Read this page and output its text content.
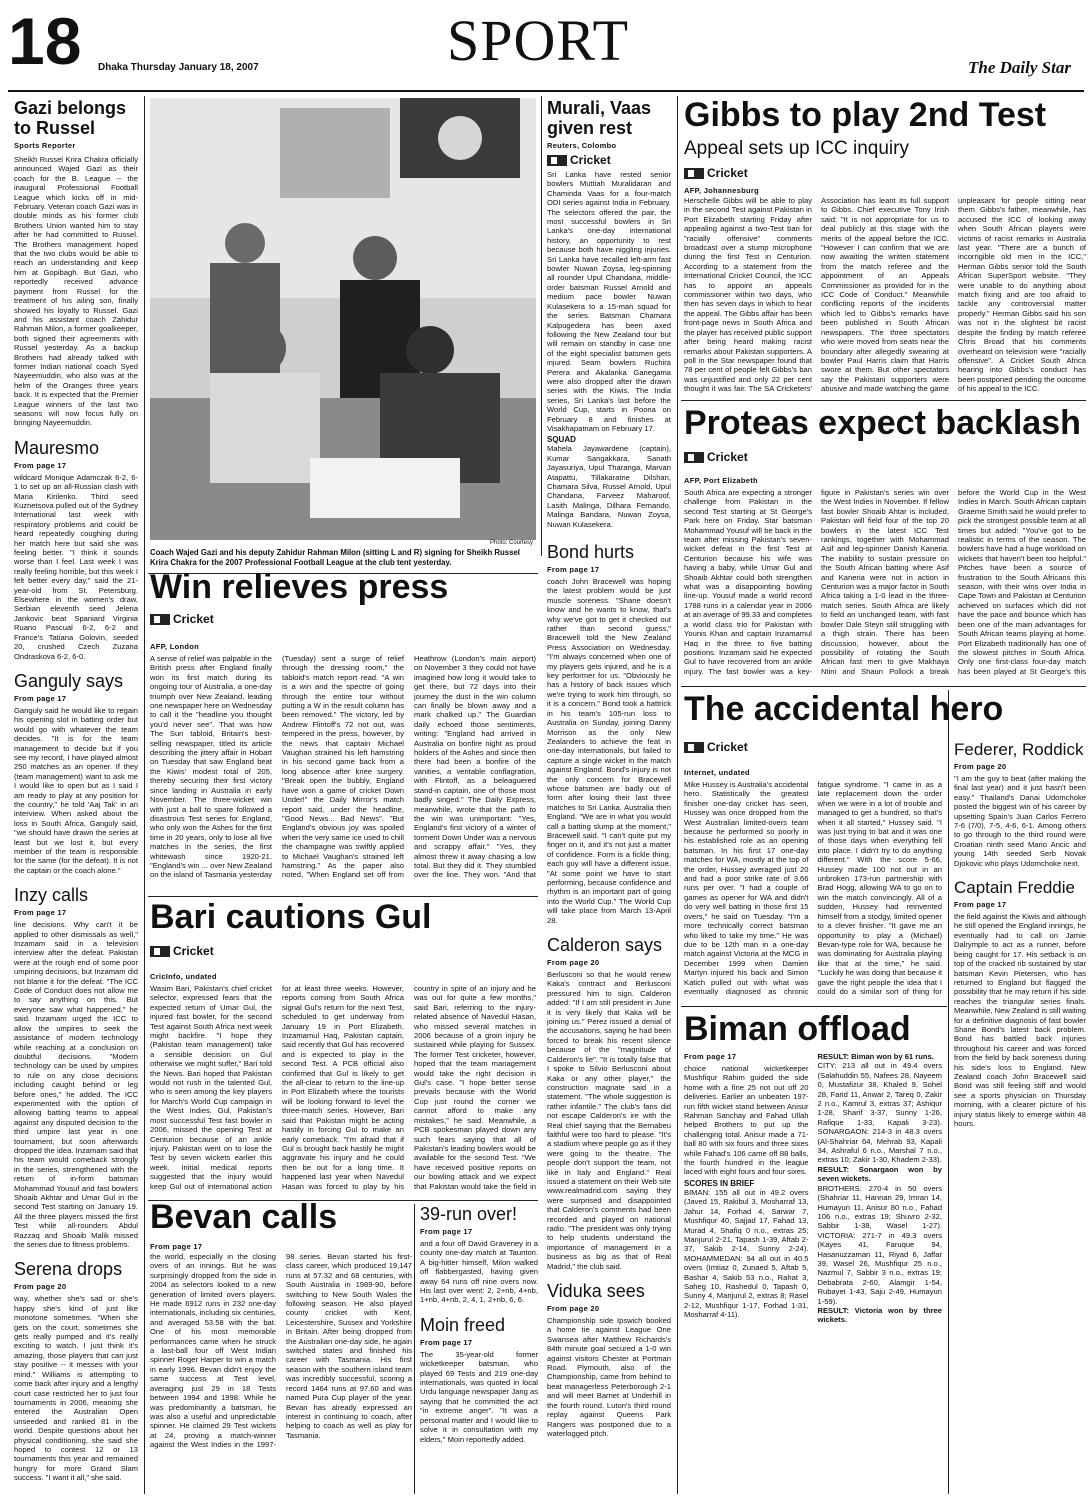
18 Dhaka Thursday January 18, 2007	SPORT	The Daily Star
Gazi belongs to Russel
Sports Reporter

Sheikh Russel Krira Chakra officially announced Wajed Gazi as their coach for the B. League -- the inaugural Professional Football League which kicks off in mid-February. Veteran coach Gazi was in double minds as his former club Brothers Union wanted him to stay after he had committed to Russel. The Brothers management hoped that the two clubs would be able to reach an understanding and keep him at Gopibagh. But Gazi, who reportedly received advance payment from Russel for the treatment of his ailing son, finally showed his loyalty to Russel. Gazi and his assistant coach Zahidur Rahman Milon, a former goalkeeper, both signed their agreements with Russel yesterday. As a backup Brothers had already talked with former Indian national coach Syed Nayeemuddin, who also was at the helm of the Oranges three years back. It is expected that the Premier League winners of the last two seasons will now focus fully on bringing Nayeemuddin.

Mauresmo
From page 17

wildcard Monique Adamczak 6-2, 6-1 to set up an all-Russian clash with Maria Kirilenko. Third seed Kuznetsova pulled out of the Sydney International last week with respiratory problems and could be heard repeatedly coughing during her match here but said she was feeling better. "I think it sounds worse than I feel. Last week I was really feeling horrible, but this week I felt better every day," said the 21-year-old from St. Petersburg. Elsewhere in the women's draw, Serbian eleventh seed Jelena Jankovic beat Spaniard Virginia Ruano Pascual 6-2, 6-2 and France's Tatiana Golovin, seeded 20, crushed Czech Zuzana Ondraskova 6-2, 6-0.

Ganguly says
From page 17

Ganguly said he would like to regain his opening slot in batting order but would go with whatever the team decides. "It is for the team management to decide but if you see my record, I have played almost 250 matches as an opener. If they (team management) want to ask me I would like to open but as I said I am ready to play at any position for the country," he told 'Aaj Tak' in an interview. When asked about the loss in South Africa, Ganguly said, "we should have drawn the series at least but we lost it, but every member of the team is responsible for the same (for the defeat). It is not the captain or the coach alone."

Inzy calls
From page 17

line decisions. Why can't it be applied to other dismissals as well," Inzamam said in a television interview after the defeat. Pakistan were at the rough end of some poor umpiring decisions, but Inzamam did not blame it for the defeat. "The ICC Code of Conduct does not allow me to say anything on this. But everyone saw what happened," he said. Inzamam urged the ICC to allow the umpires to seek the assistance of modern technology while reaching at a conclusion on doubtful decisions. "Modern technology can be used by umpires to rule on any close decisions including caught behind or leg before ones," he added. The ICC experimented with the option of allowing batting teams to appeal against any disputed decision to the third umpire last year in one tournament, but soon afterwards dropped the idea. Inzamam said that his team would comeback strongly in the series, strengthened with the return of in-form batsman Mohammad Yousuf and fast bowlers Shoaib Akhtar and Umar Gul in the second Test starting on January 19. All the three players missed the first Test while all-rounders Abdul Razzaq and Shoaib Malik missed the series due to fitness problems.

Serena drops
From page 20

way, whether she's sad or she's happy she's kind of just like monotone sometimes. "When she gets on the court, sometimes she gets really pumped and it's really exciting to watch. I just think it's amazing, those players that can just stay positive -- it messes with your mind." Williams is attempting to come back after injury and a lengthy court case restricted her to just four tournaments in 2006, meaning she entered the Australian Open unseeded and ranked 81 in the world. Despite questions about her physical conditioning, she said she hoped to contest 12 or 13 tournaments this year and remained hungry for more Grand Slam success. "I want it all," she said.

Photo: Courtesy
Coach Wajed Gazi and his deputy Zahidur Rahman Milon (sitting L and R) signing for Sheikh Russel Krira Chakra for the 2007 Professional Football League at the club tent yesterday.
Murali, Vaas given rest
Reuters, Colombo
Cricket

Sri Lanka have rested senior bowlers Muttiah Muralidaran and Chaminda Vaas for a four-match ODI series against India in February. The selectors offered the pair, the most successful bowlers in Sri Lanka's one-day international history, an opportunity to rest because both have niggling injuries. Sri Lanka have recalled left-arm fast bowler Nuwan Zoysa, leg-spinning all rounder Upul Chandana, middle-order batsman Russel Arnold and medium pace bowler Nuwan Kulasekera to a 15-man squad for the series. Batsman Chamara Kalpugedera has been axed following the New Zealand tour but will remain on standby in case one of the eight specialist batsmen gets injured. Seam bowlers Ruchira Perera and Akalanka Ganegama were also dropped after the drawn series with the Kiwis. The India series, Sri Lanka's last before the World Cup, starts in Poona on February 8 and finishes at Visakhapatnam on February 17.

SQUAD

Mahela Jayawardene (captain), Kumar Sangakkara, Sanath Jayasuriya, Upul Tharanga, Marvan Atapattu, Tillakaratne Dilshan, Chamara Silva, Russel Arnold, Upul Chandana, Farveez Maharoof, Lasith Malinga, Dilhara Fernando, Malinga Bandara, Nuwan Zoysa, Nuwan Kulasekera.

Bond hurts
From page 17

coach John Bracewell was hoping the latest problem would be just muscle soreness. "Shane doesn't know and he wants to know, that's why we've got to get it checked out rather than second guess," Bracewell told the New Zealand Press Association on Wednesday. "I'm always concerned when one of my players gets injured, and he is a key performer for us. "Obviously he has a history of back issues which we're trying to work him through, so it is a concern." Bond took a hattrick in his team's 105-run loss to Australia on Sunday, joining Danny Morrison as the only New Zealanders to achieve the feat in one-day internationals, but failed to capture a single wicket in the match against England. Bond's injury is not the only concern for Bracewell whose batsmen are badly out of form after losing their last three matches to Sri Lanka, Australia then England. "We are in what you would call a batting slump at the moment," Bracewell said. "I can't quite put my finger on it, and it's not just a matter of confidence. Form is a fickle thing, each guy will have a different issue. "At some point we have to start performing, because confidence and rhythm is an important part of going into the World Cup." The World Cup will take place from March 13-April 28.

Calderon says
From page 20

Berlusconi so that he would renew Kaka's contract and Berlusconi pressured him to sign. Calderon added: "If I am still president in June it is very likely that Kaka will be joining us." Perez issued a denial of the accusations, saying he had been forced to break his recent silence because of the "magnitude of Calderon's lie". "It is totally false that I spoke to Silvio Berlusconi about Kaka or any other player," the construction magnate said in a statement. "The whole suggestion is rather infantile." The club's fans did not escape Calderon's ire with the Real chief saying that the Bernabeu faithful were too hard to please. "It's a stadium where people go as if they were going to the theatre. The people don't support the team, not like in Italy and England." Real issued a statement on their Web site www.realmadrid.com saying they were surprised and disappointed that Calderon's comments had been recorded and played on national radio. "The president was only trying to help students understand the importance of management in a business as big as that of Real Madrid," the club said.

Viduka sees
From page 20

Championship side Ipswich booked a home tie against League One Swansea after Matthew Richards's 84th minute goal secured a 1-0 win against visitors Chester at Portman Road. Plymouth, also of the Championship, came from behind to beat managerless Peterborough 2-1 and will meet Barnet at Underhill in the fourth round. Luton's third round replay against Queens Park Rangers was postponed due to a waterlogged pitch.

Win relieves press
Cricket
AFP, London
A sense of relief was palpable in the British press after England finally won its first match during its ongoing tour of Australia, a one-day triumph over New Zealand, leading one newspaper here on Wednesday to call it the "headline you thought you'd never see". That was how The Sun tabloid, Britain's best-selling newspaper, titled its article describing the jittery affair in Hobart on Tuesday that saw England beat the Kiwis' modest total of 205, thereby securing their first victory since landing in Australia in early November. The three-wicket win with just a ball to spare followed a disastrous Test series for England, who only won the Ashes for the first time in 20 years, only to lose all five matches in the series, the first whitewash since 1920-21. "England's win ... over New Zealand on the island of Tasmania yesterday (Tuesday) sent a surge of relief through the dressing room," the tabloid's match report read. "A win is a win and the spectre of going through the entire tour without putting a W in the result column has been removed." The victory, led by Andrew Flintoff's 72 not out, was tempered in the press, however, by the news that captain Michael Vaughan strained his left hamstring in his second game back from a long absence after knee surgery. "Break open the bubbly, England have won a game of cricket Down Under!" the Daily Mirror's match report said, under the headline, "Good News... Bad News". "But England's obvious joy was spoiled when the very same ice used to chill the champagne was swiftly applied to Michael Vaughan's strained left hamstring." As the paper also noted, "When England set off from Heathrow (London's main airport) on November 3 they could not have imagined how long it would take to get there, but 72 days into their journey the dust in the win column can finally be blown away and a mark chalked up." The Guardian daily echoed those sentiments, writing: "England had arrived in Australia on bonfire night as proud holders of the Ashes and since then there had been a bonfire of the vanities, a veritable conflagration, with Flintoff, as a beleaguered stand-in captain, one of those most badly singed." The Daily Express, meanwhile, wrote that the path to the win was unimportant: "Yes, England's first victory of a winter of torment Down Under was a nervous and scrappy affair." "Yes, they almost threw it away chasing a low total. But they did it. They stumbled over the line. They won. "And that
Bari cautions Gul
Cricket
CricInfo, undated
Wasim Bari, Pakistan's chief cricket selector, expressed fears that the expected return of Umar Gul, the injured fast bowler, for the second Test against South Africa next week might backfire. "I hope they (Pakistan team management) take a sensible decision on Gul otherwise we might suffer," Bari told the News. Bari hoped that Pakistan would not rush in the talented Gul, who is seen among the key players for March's World Cup campaign in the West Indies. Gul, Pakistan's most successful Test fast bowler in 2006, missed the opening Test at Centurion because of an ankle injury. Pakistan went on to lose the Test by seven wickets earlier this week. Initial medical reports suggested that the injury would keep Gul out of international action for at least three weeks. However, reports coming from South Africa signal Gul's return for the next Test, scheduled to get underway from January 19 in Port Elizabeth. Inzamamul Haq, Pakistan captain, said recently that Gul has recovered and is expected to play in the second Test. A PCB official also confirmed that Gul is likely to get the all-clear to return to the line-up in Port Elizabeth where the tourists will be looking forward to level the three-match series. However, Bari said that Pakistan might be acting hastily in forcing Gul to make an early comeback. "I'm afraid that if Gul is brought back hastily he might aggravate his injury and he could then be out for a long time. It happened last year when Navedul Hasan was forced to play by his country in spite of an injury and he was out for quite a few months," said Bari, referring to the injury-related absence of Navedul Hasan, who missed several matches in 2006 because of a groin injury he sustained while playing for Sussex. The former Test cricketer, however, hoped that the team management would take the right decision in Gul's case. "I hope better sense prevails because with the World Cup just round the corner we cannot afford to make any mistakes," he said. Meanwhile, a PCB spokesman played down any such fears saying that all of Pakistan's leading bowlers would be available for the second Test. "We have received positive reports on our bowling attack and we expect that Pakistan would take the field in
Bevan calls
From page 17
the world, especially in the closing overs of an innings. But he was surprisingly dropped from the side in 2004 as selectors looked to a new generation of limited overs players. He made 6912 runs in 232 one-day internationals, including six centuries, and averaged 53.58 with the bat. One of his most memorable performances came when he struck a last-ball four off West Indian spinner Roger Harper to win a match in early 1996. Bevan didn't enjoy the same success at Test level, averaging just 29 in 18 Tests between 1994 and 1998. While he was predominantly a batsman, he was also a useful and unpredictable spinner. He claimed 29 Test wickets at 24, proving a match-winner against the West Indies in the 1997-98 series. Bevan started his first-class career, which produced 19,147 runs at 57.32 and 68 centuries, with South Australia in 1989-90, before switching to New South Wales the following season. He also played county cricket with Kent, Leicestershire, Sussex and Yorkshire in Britain. After being dropped from the Australian one-day side, he again switched states and finished his career with Tasmania. His first season with the southern island team was incredibly successful, scoring a record 1464 runs at 97.60 and was named Pura Cup player of the year. Bevan has already expressed an interest in continuing to coach, after helping to coach as well as play for Tasmania.
39-run over!
From page 17

and a four off David Graveney in a county one-day match at Taunton. A big-hitter himself, Milon walked off flabbergasted, having given away 64 runs off nine overs now. His last over went: 2, 2+nb, 4+nb, 1+nb, 4+nb, 2, 4, 1, 2+nb, 6, 6.

Moin freed
From page 17

The 35-year-old former wicketkeeper batsman, who played 69 Tests and 219 one-day internationals, was quoted in local Urdu language newspaper Jang as saying that he committed the act "in extreme anger". "It was a personal matter and I would like to solve it in consultation with my elders," Moin reportedly added.

Gibbs to play 2nd Test
Appeal sets up ICC inquiry
Cricket
AFP, Johannesburg
Herschelle Gibbs will be able to play in the second Test against Pakistan in Port Elizabeth starting Friday after appealing against a two-Test ban for "racially offensive" comments broadcast over a stump microphone during the first Test in Centurion. According to a statement from the International Cricket Council, the ICC has to appoint an appeals commissioner within two days, who then has seven days in which to hear the appeal. The Gibbs affair has been front-page news in South Africa and the player has received public support after being heard making racist remarks about Pakistan supporters. A poll in the Star newspaper found that 78 per cent of people felt Gibbs's ban was unjustified and only 22 per cent thought it was fair. The SA Cricketers' Association has leant its full support to Gibbs. Chief executive Tony Irish said: "It is not appropriate for us to deal publicly at this stage with the merits of the appeal before the ICC. "However I can confirm that we are now awaiting the written statement from the match referee and the appointment of an Appeals Commissioner as provided for in the ICC Code of Conduct." Meanwhile conflicting reports of the incidents which led to Gibbs's remarks have been published in South African newspapers. The three spectators who were moved from seats near the boundary after allegedly swearing at bowler Paul Harris claim that Harris swore at them. But other spectators say the Pakistani supporters were abusive and made watching the game unpleasant for people sitting near them. Gibbs's father, meanwhile, has accused the ICC of looking away when South African players were victims of racist remarks in Australia last year. "There are a bunch of incorrigible old men in the ICC," Herman Gibbs senior told the South African SuperSport website. "They were unable to do anything about match fixing and are too afraid to tackle any controversial matter properly." Herman Gibbs said his son was not in the slightest bit racist despite the finding by match referee Chris Broad that his comments overheard on television were "racially offensive". A Cricket South Africa hearing into Gibbs's conduct has been postponed pending the outcome of his appeal to the ICC.
Proteas expect backlash
Cricket
AFP, Port Elizabeth
South Africa are expecting a stronger challenge from Pakistan in the second Test starting at St George's Park here on Friday. Star batsman Mohammad Yousuf will be back in the team after missing Pakistan's seven-wicket defeat in the first Test at Centurion because his wife was having a baby, while Umar Gul and Shoaib Akhtar could both strengthen what was a disappointing bowling line-up. Yousuf made a world record 1788 runs in a calendar year in 2006 at an average of 99.33 and completes a world class trio for Pakistan with Younis Khan and captain Inzamamul Haq in the three to five batting positions. Inzamam said he expected Gul to have recovered from an ankle injury. The fast bowler was a key-figure in Pakistan's series win over the West Indies in November. If fellow fast bowler Shoaib Ahtar is included, Pakistan will field four of the top 20 bowlers in the latest ICC Test rankings, together with Mohammad Asif and leg-spinner Danish Kaneria. The inability to sustain pressure on the South African batting where Asif and Kaneria were not in action in Centurion was a major factor in South Africa taking a 1-0 lead in the three-match series. South Africa are likely to field an unchanged team, with fast bowler Dale Steyn still struggling with a thigh strain. There has been discussion, however, about the possibility of rotating the South African fast men to give Makhaya Ntini and Shaun Pollock a break before the World Cup in the West Indies in March. South African captain Graeme Smith said he would prefer to pick the strongest possible team at all times but added: "You've got to be realistic in terms of the season. The bowlers have had a huge workload on wickets that haven't been too helpful." Pitches have been a source of frustration to the South Africans this season, with their wins over India in Cape Town and Pakistan at Centurion achieved on surfaces which did not have the pace and bounce which has been one of the main advantages for South African teams playing at home. Port Elizabeth traditionally has one of the slowest pitches in South Africa. Only one first-class four-day match has been played at St George's this
The accidental hero
Cricket
Internet, undated
Mike Hussey is Australia's accidental hero. Statistically the greatest finisher one-day cricket has seen, Hussey was once dropped from the West Australian limited-overs team because he performed so poorly in his established role as an opening batsman. In his first 17 one-day matches for WA, mostly at the top of the order, Hussey averaged just 20 and had a poor strike rate of 3.66 runs per over. "I had a couple of games as opener for WA and didn't do very well batting in those first 15 overs," he said on Tuesday. "I'm a more technically correct batsman who liked to take my time." He was due to be 12th man in a one-day match against Victoria at the MCG in December 1999 when Damien Martyn injured his back and Simon Katich pulled out with what was eventually diagnosed as chronic fatigue syndrome. "I came in as a late replacement down the order when we were in a lot of trouble and managed to get a hundred, so that's when it all started," Hussey said. "I was just trying to bat and it was one of those days when everything fell into place. I didn't try to do anything different." With the score 5-66, Hussey made 100 not out in an unbroken 173-run partnership with Brad Hogg, allowing WA to go on to win the match convincingly. All of a sudden, Hussey had reinvented himself from a stodgy, limited opener to a clever finisher. "It gave me an opportunity to play a (Michael) Bevan-type role for WA, because he was dominating for Australia playing like that at the time," he said. "Luckily he was doing that because it gave the right people the idea that I could do a similar sort of thing for
Federer, Roddick
From page 20

"I am the guy to beat (after making the final last year) and it just hasn't been easy." Thailand's Danai Udomchoke posted the biggest win of his career by upsetting Spain's Juan Carlos Ferrero 7-6 (7/0), 7-5, 4-6, 6-1. Among others to go through to the third round were Croatian ninth seed Mario Ancic and young 14th seeded Serb Novak Djokovic who plays Udomchoke next.

Captain Freddie
From page 17

the field against the Kiwis and although he still opened the England innings, he eventually had to call on Jamie Dalrymple to act as a runner, before being caught for 17. His setback is on top of the cracked rib sustained by star batsman Kevin Pietersen, who has returned to England but flagged the possibility that he may return if his side reaches the triangular series finals. Meanwhile, New Zealand is still waiting for a definitive diagnosis of fast bowler Shane Bond's latest back problem. Bond has battled back injuries throughout his career and was forced from the field by back soreness during his side's loss to England. New Zealand coach John Bracewell said Bond was still feeling stiff and would see a sports physician on Thursday morning, with a clearer picture of his injury status likely to emerge within 48 hours.

Biman offload
From page 17

choice national wicketkeeper Mushfiqur Rahim guided the side home with a fine 25 not out off 20 deliveries. Earlier an unbeaten 197-run fifth wicket stand between Anisur Rahman Sanchay and Fahad Ullah helped Brothers to put up the challenging total. Anisur made a 71-ball 80 with six fours and three sixes while Fahad's 106 came off 88 balls, the fourth hundred in the league laced with eight fours and four sixes.

SCORES IN BRIEF

BIMAN: 155 all out in 49.2 overs (Javed 15, Rakibul 3, Mosharraf 13, Jahur 14, Forhad 4, Sarwar 7, Mushfiqur 40, Sajjad 17, Fahad 13, Murad 4, Shafiq 0 n.o., extras 25; Manjurul 2-21, Tapash 1-39, Aftab 2-37, Sakib 2-14, Sunny 2-24). MOHAMMEDAN: 94 all out in 40.5 overs (Imtiaz 0, Zunaed 5, Aftab 5, Bashar 4, Sakib 53 n.o., Rahat 3, Saheg 10, Rashedul 0, Tapash 0, Sunny 4, Manjurul 2, extras 8; Rasel 2-12, Mushfiqur 1-17, Forhad 1-31, Mosharraf 4-11).

RESULT: Biman won by 61 runs.

CITY: 213 all out in 49.4 overs (Salahuddin 55, Nafees 28, Nayeem 0, Mustafizur 38, Khaled 9, Sohel 28, Farid 11, Anwar 2, Tareq 0, Zakir 2 n.o., Kamrul 3, extras 37; Ashiqur 1-28, Sharif 3-37, Sunny 1-26, Rafique 1-33, Kapali 3-23). SONARGAON: 214-3 in 48.3 overs (Al-Shahriar 64, Mehrab 93, Kapali 34, Ashraful 6 n.o., Marshal 7 n.o., extras 10; Zakir 1-30, Khadem 2-33).

RESULT: Sonargaon won by seven wickets.

BROTHERS: 270-4 in 50 overs (Shahriar 11, Hannan 29, Imran 14, Humayun 11, Anisur 80 n.o., Fahad 106 n.o., extras 19; Shuvro 2-32, Sabbir 1-38, Wasel 1-27). VICTORIA: 271-7 in 49.3 overs (Kayes 41, Faruque 94, Hasanuzzaman 11, Riyad 6, Jaffar 39, Wasel 26, Mushfiqur 25 n.o., Nazmul 7, Sabbir 3 n.o., extras 19; Debabrata 2-60, Alamgir 1-54, Rubayet 1-43, Saju 2-49, Humayun 1-59).

RESULT: Victoria won by three wickets.
